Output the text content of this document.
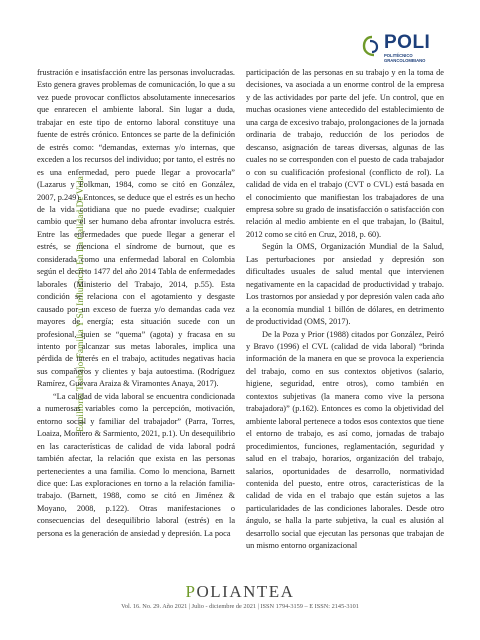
Equilibrio Trabajo-Familia Y Su Influencia En La Calidad De Vida
POLI
POLITÉCNICO GRANCOLOMBIANO

frustración e insatisfacción entre las personas involucradas. Esto genera graves problemas de comunicación, lo que a su vez puede provocar conflictos absolutamente innecesarios que enrarecen el ambiente laboral. Sin lugar a duda, trabajar en este tipo de entorno laboral constituye una fuente de estrés crónico. Entonces se parte de la definición de estrés como: “demandas, externas y/o internas, que exceden a los recursos del individuo; por tanto, el estrés no es una enfermedad, pero puede llegar a provocarla” (Lazarus y Folkman, 1984, como se citó en González, 2007, p.249). Entonces, se deduce que el estrés es un hecho de la vida cotidiana que no puede evadirse; cualquier cambio que el ser humano deba afrontar involucra estrés. Entre las enfermedades que puede llegar a generar el estrés, se menciona el síndrome de burnout, que es considerada como una enfermedad laboral en Colombia según el decreto 1477 del año 2014 Tabla de enfermedades laborales (Ministerio del Trabajo, 2014, p.55). Esta condición se relaciona con el agotamiento y desgaste causado por un exceso de fuerza y/o demandas cada vez mayores de energía; esta situación sucede con un profesional, quien se “quema” (agota) y fracasa en su intento por alcanzar sus metas laborales, implica una pérdida de interés en el trabajo, actitudes negativas hacia sus compañeros y clientes y baja autoestima. (Rodríguez Ramírez, Guevara Araiza & Viramontes Anaya, 2017).

“La calidad de vida laboral se encuentra condicionada a numerosas variables como la percepción, motivación, entorno social y familiar del trabajador” (Parra, Torres, Loaiza, Montero & Sarmiento, 2021, p.1). Un desequilibrio en las características de calidad de vida laboral podrá también afectar, la relación que exista en las personas pertenecientes a una familia. Como lo menciona, Barnett dice que: Las exploraciones en torno a la relación familia-trabajo. (Barnett, 1988, como se citó en Jiménez & Moyano, 2008, p.122). Otras manifestaciones o consecuencias del desequilibrio laboral (estrés) en la persona es la generación de ansiedad y depresión. La poca

participación de las personas en su trabajo y en la toma de decisiones, va asociada a un enorme control de la empresa y de las actividades por parte del jefe. Un control, que en muchas ocasiones viene antecedido del establecimiento de una carga de excesivo trabajo, prolongaciones de la jornada ordinaria de trabajo, reducción de los periodos de descanso, asignación de tareas diversas, algunas de las cuales no se corresponden con el puesto de cada trabajador o con su cualificación profesional (conflicto de rol). La calidad de vida en el trabajo (CVT o CVL) está basada en el conocimiento que manifiestan los trabajadores de una empresa sobre su grado de insatisfacción o satisfacción con relación al medio ambiente en el que trabajan, lo (Baitul, 2012 como se citó en Cruz, 2018, p. 60).

Según la OMS, Organización Mundial de la Salud, Las perturbaciones por ansiedad y depresión son dificultades usuales de salud mental que intervienen negativamente en la capacidad de productividad y trabajo. Los trastornos por ansiedad y por depresión valen cada año a la economía mundial 1 billón de dólares, en detrimento de productividad (OMS, 2017).

De la Poza y Prior (1988) citados por González, Peiró y Bravo (1996) el CVL (calidad de vida laboral) “brinda información de la manera en que se provoca la experiencia del trabajo, como en sus contextos objetivos (salario, higiene, seguridad, entre otros), como también en contextos subjetivas (la manera como vive la persona trabajadora)” (p.162). Entonces es como la objetividad del ambiente laboral pertenece a todos esos contextos que tiene el entorno de trabajo, es así como, jornadas de trabajo procedimientos, funciones, reglamentación, seguridad y salud en el trabajo, horarios, organización del trabajo, salarios, oportunidades de desarrollo, normatividad contenida del puesto, entre otros, características de la calidad de vida en el trabajo que están sujetos a las particularidades de las condiciones laborales. Desde otro ángulo, se halla la parte subjetiva, la cual es alusión al desarrollo social que ejecutan las personas que trabajan de un mismo entorno organizacional

POLIANTEA
Vol. 16. No. 29. Año 2021 | Julio - diciembre de 2021 | ISSN 1794-3159 – E ISSN: 2145-3101
